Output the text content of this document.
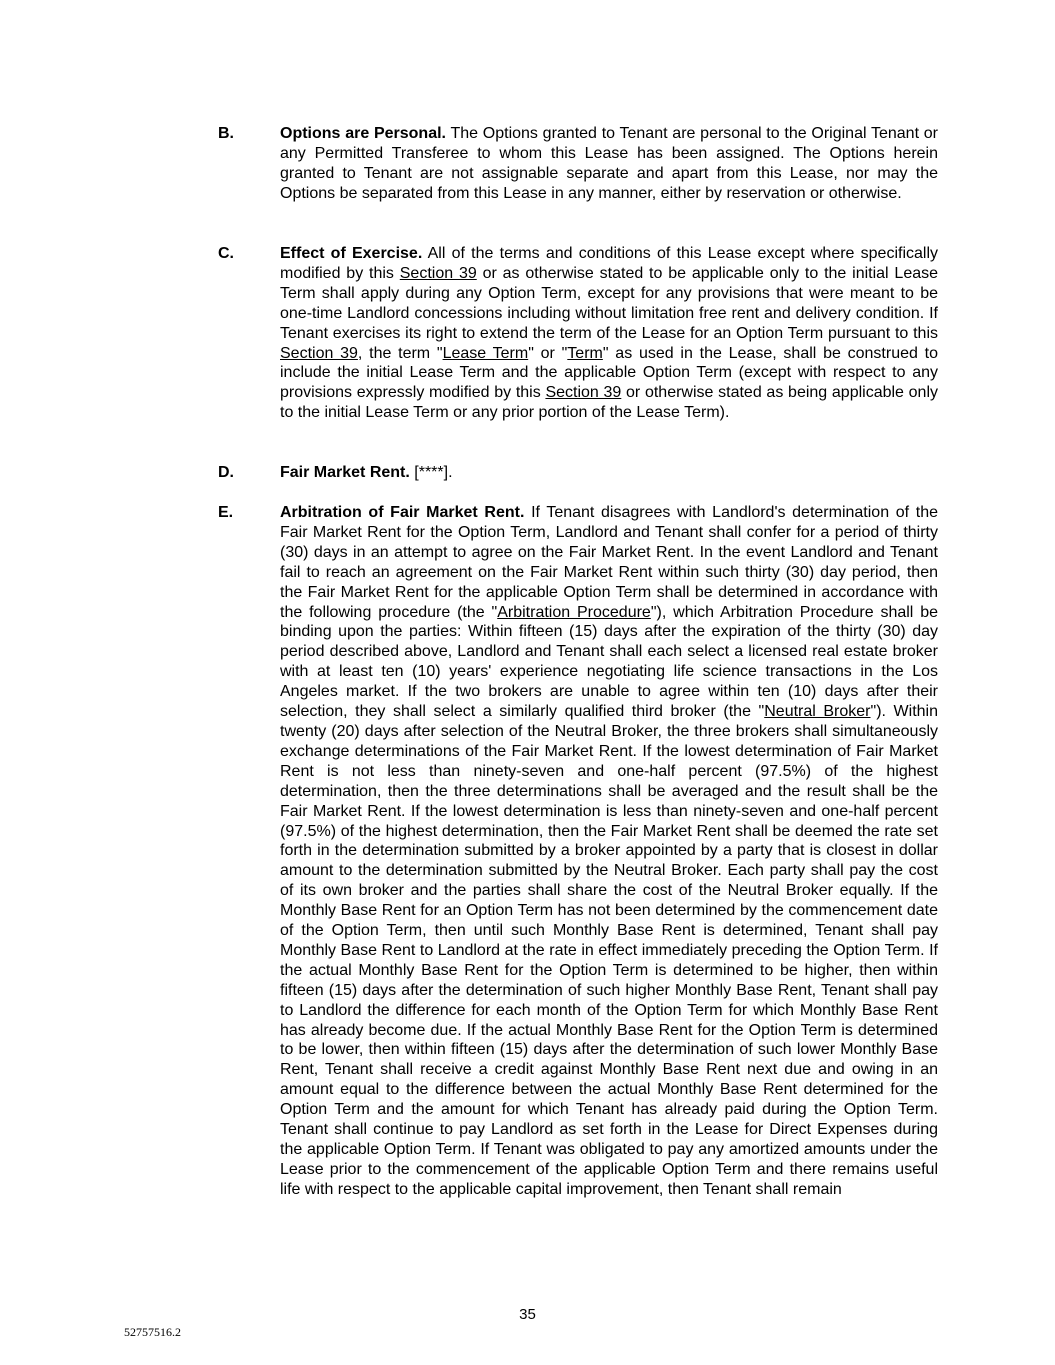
B.	Options are Personal. The Options granted to Tenant are personal to the Original Tenant or any Permitted Transferee to whom this Lease has been assigned. The Options herein granted to Tenant are not assignable separate and apart from this Lease, nor may the Options be separated from this Lease in any manner, either by reservation or otherwise.
C.	Effect of Exercise. All of the terms and conditions of this Lease except where specifically modified by this Section 39 or as otherwise stated to be applicable only to the initial Lease Term shall apply during any Option Term, except for any provisions that were meant to be one-time Landlord concessions including without limitation free rent and delivery condition. If Tenant exercises its right to extend the term of the Lease for an Option Term pursuant to this Section 39, the term "Lease Term" or "Term" as used in the Lease, shall be construed to include the initial Lease Term and the applicable Option Term (except with respect to any provisions expressly modified by this Section 39 or otherwise stated as being applicable only to the initial Lease Term or any prior portion of the Lease Term).
D.	Fair Market Rent. [****].
E.	Arbitration of Fair Market Rent. If Tenant disagrees with Landlord's determination of the Fair Market Rent for the Option Term, Landlord and Tenant shall confer for a period of thirty (30) days in an attempt to agree on the Fair Market Rent. In the event Landlord and Tenant fail to reach an agreement on the Fair Market Rent within such thirty (30) day period, then the Fair Market Rent for the applicable Option Term shall be determined in accordance with the following procedure (the "Arbitration Procedure"), which Arbitration Procedure shall be binding upon the parties: Within fifteen (15) days after the expiration of the thirty (30) day period described above, Landlord and Tenant shall each select a licensed real estate broker with at least ten (10) years' experience negotiating life science transactions in the Los Angeles market. If the two brokers are unable to agree within ten (10) days after their selection, they shall select a similarly qualified third broker (the "Neutral Broker"). Within twenty (20) days after selection of the Neutral Broker, the three brokers shall simultaneously exchange determinations of the Fair Market Rent. If the lowest determination of Fair Market Rent is not less than ninety-seven and one-half percent (97.5%) of the highest determination, then the three determinations shall be averaged and the result shall be the Fair Market Rent. If the lowest determination is less than ninety-seven and one-half percent (97.5%) of the highest determination, then the Fair Market Rent shall be deemed the rate set forth in the determination submitted by a broker appointed by a party that is closest in dollar amount to the determination submitted by the Neutral Broker. Each party shall pay the cost of its own broker and the parties shall share the cost of the Neutral Broker equally. If the Monthly Base Rent for an Option Term has not been determined by the commencement date of the Option Term, then until such Monthly Base Rent is determined, Tenant shall pay Monthly Base Rent to Landlord at the rate in effect immediately preceding the Option Term. If the actual Monthly Base Rent for the Option Term is determined to be higher, then within fifteen (15) days after the determination of such higher Monthly Base Rent, Tenant shall pay to Landlord the difference for each month of the Option Term for which Monthly Base Rent has already become due. If the actual Monthly Base Rent for the Option Term is determined to be lower, then within fifteen (15) days after the determination of such lower Monthly Base Rent, Tenant shall receive a credit against Monthly Base Rent next due and owing in an amount equal to the difference between the actual Monthly Base Rent determined for the Option Term and the amount for which Tenant has already paid during the Option Term. Tenant shall continue to pay Landlord as set forth in the Lease for Direct Expenses during the applicable Option Term. If Tenant was obligated to pay any amortized amounts under the Lease prior to the commencement of the applicable Option Term and there remains useful life with respect to the applicable capital improvement, then Tenant shall remain
35
52757516.2
